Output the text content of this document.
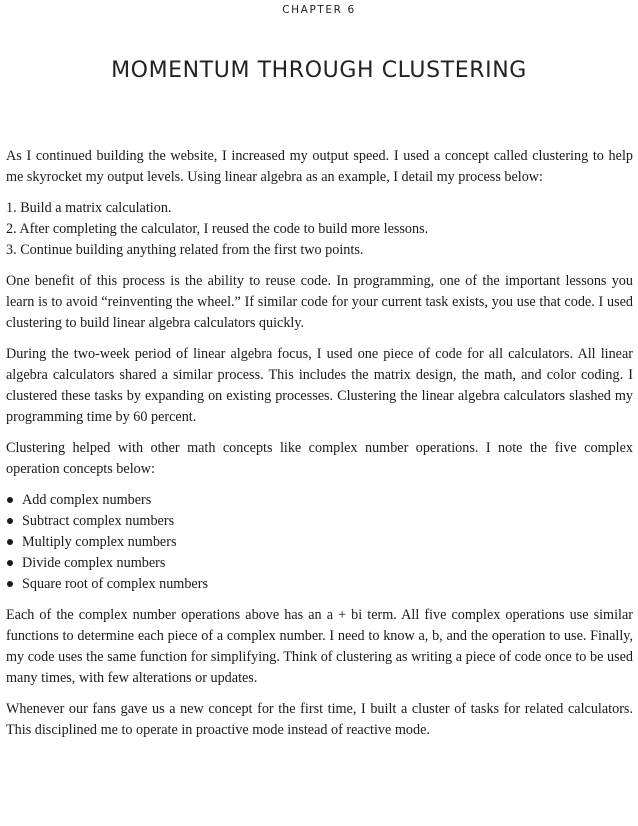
CHAPTER 6
MOMENTUM THROUGH CLUSTERING

As I continued building the website, I increased my output speed. I used a concept called clustering to help me skyrocket my output levels. Using linear algebra as an example, I detail my process below:

1. Build a matrix calculation.
2. After completing the calculator, I reused the code to build more lessons.
3. Continue building anything related from the first two points.

One benefit of this process is the ability to reuse code. In programming, one of the important lessons you learn is to avoid “reinventing the wheel.” If similar code for your current task exists, you use that code. I used clustering to build linear algebra calculators quickly.

During the two-week period of linear algebra focus, I used one piece of code for all calculators. All linear algebra calculators shared a similar process. This includes the matrix design, the math, and color coding. I clustered these tasks by expanding on existing processes. Clustering the linear algebra calculators slashed my programming time by 60 percent.

Clustering helped with other math concepts like complex number operations. I note the five complex operation concepts below:

Add complex numbers
Subtract complex numbers
Multiply complex numbers
Divide complex numbers
Square root of complex numbers

Each of the complex number operations above has an a + bi term. All five complex operations use similar functions to determine each piece of a complex number. I need to know a, b, and the operation to use. Finally, my code uses the same function for simplifying. Think of clustering as writing a piece of code once to be used many times, with few alterations or updates.

Whenever our fans gave us a new concept for the first time, I built a cluster of tasks for related calculators. This disciplined me to operate in proactive mode instead of reactive mode.
